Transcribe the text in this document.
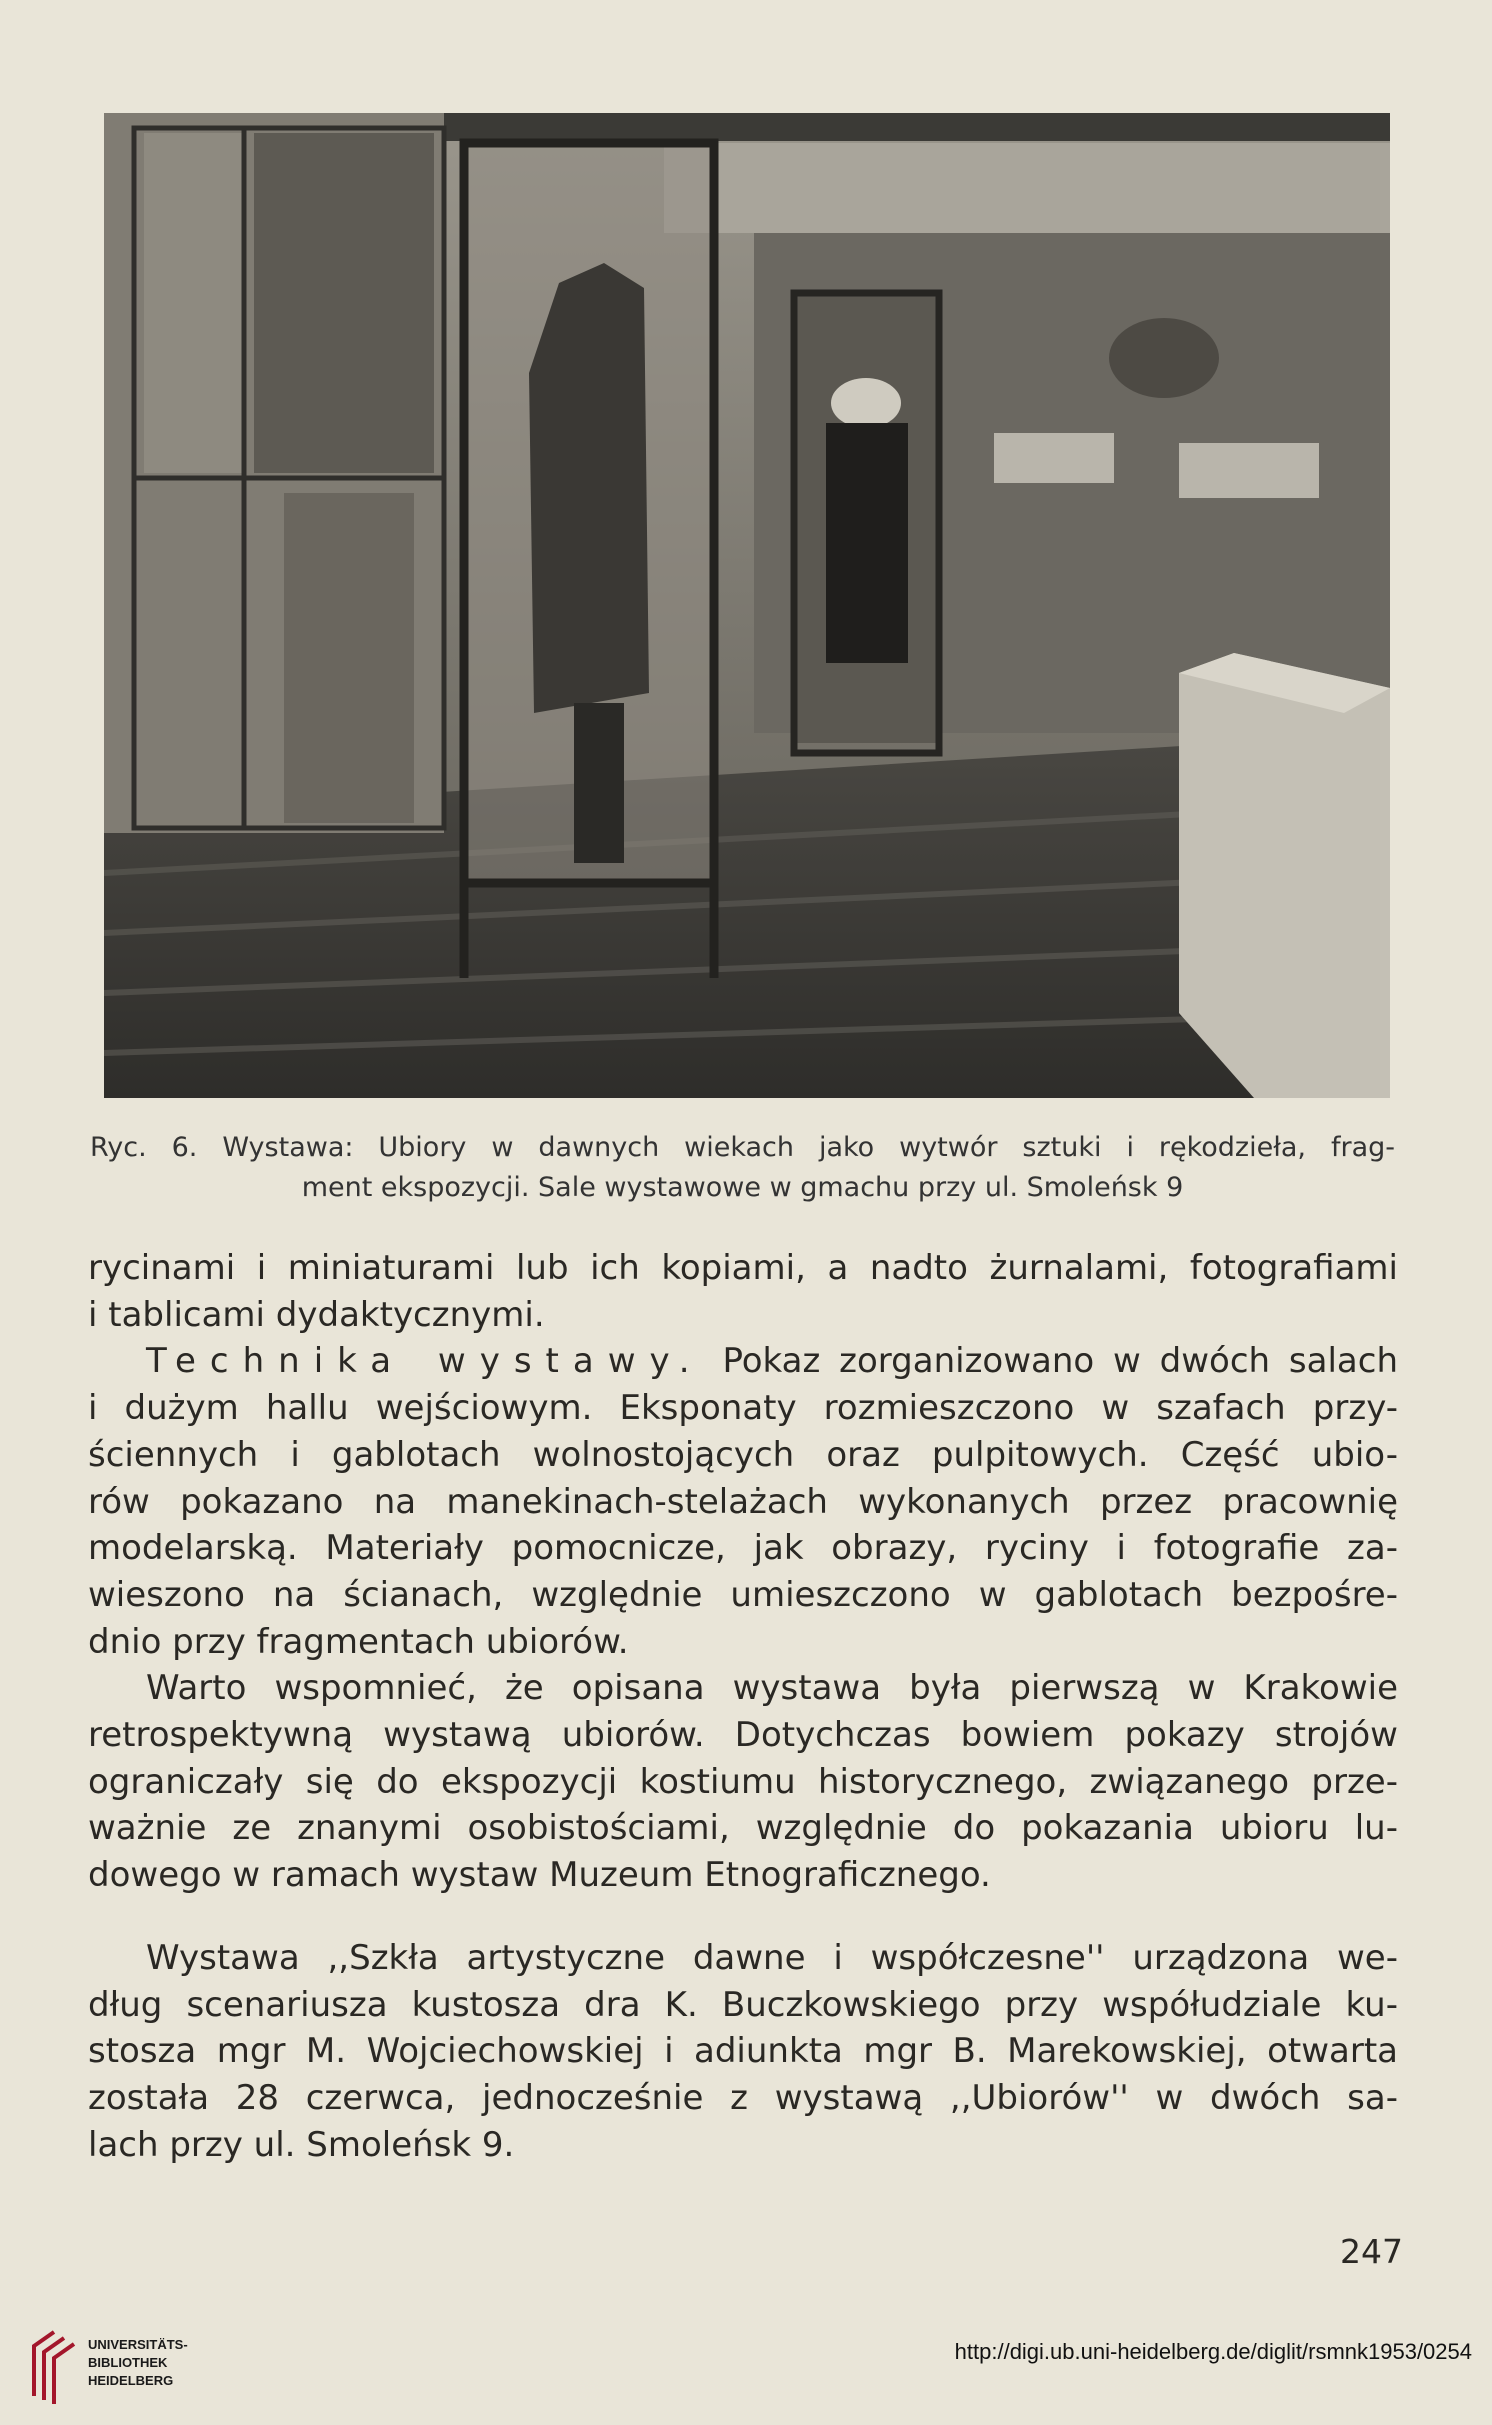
Ryc. 6. Wystawa: Ubiory w dawnych wiekach jako wytwór sztuki i rękodzieła, frag-
ment ekspozycji. Sale wystawowe w gmachu przy ul. Smoleńsk 9

rycinami i miniaturami lub ich kopiami, a nadto żurnalami, fotografiami
i tablicami dydaktycznymi.

Technika wystawy. Pokaz zorganizowano w dwóch salach
i dużym hallu wejściowym. Eksponaty rozmieszczono w szafach przy-
ściennych i gablotach wolnostojących oraz pulpitowych. Część ubio-
rów pokazano na manekinach-stelażach wykonanych przez pracownię
modelarską. Materiały pomocnicze, jak obrazy, ryciny i fotografie za-
wieszono na ścianach, względnie umieszczono w gablotach bezpośre-
dnio przy fragmentach ubiorów.

Warto wspomnieć, że opisana wystawa była pierwszą w Krakowie
retrospektywną wystawą ubiorów. Dotychczas bowiem pokazy strojów
ograniczały się do ekspozycji kostiumu historycznego, związanego prze-
ważnie ze znanymi osobistościami, względnie do pokazania ubioru lu-
dowego w ramach wystaw Muzeum Etnograficznego.

Wystawa ,,Szkła artystyczne dawne i współczesne'' urządzona we-
dług scenariusza kustosza dra K. Buczkowskiego przy współudziale ku-
stosza mgr M. Wojciechowskiej i adiunkta mgr B. Marekowskiej, otwarta
została 28 czerwca, jednocześnie z wystawą ,,Ubiorów'' w dwóch sa-
lach przy ul. Smoleńsk 9.

247
UNIVERSITÄTS-
BIBLIOTHEK
HEIDELBERG
http://digi.ub.uni-heidelberg.de/diglit/rsmnk1953/0254
